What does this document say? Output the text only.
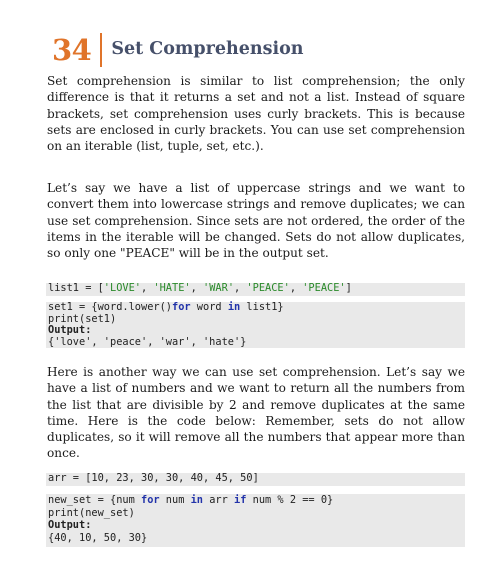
34 Set Comprehension

Set comprehension is similar to list comprehension; the only difference is that it returns a set and not a list. Instead of square brackets, set comprehension uses curly brackets. This is because sets are enclosed in curly brackets. You can use set comprehension on an iterable (list, tuple, set, etc.).

Let’s say we have a list of uppercase strings and we want to convert them into lowercase strings and remove duplicates; we can use set comprehension. Since sets are not ordered, the order of the items in the iterable will be changed. Sets do not allow duplicates, so only one "PEACE" will be in the output set.

list1 = ['LOVE', 'HATE', 'WAR', 'PEACE', 'PEACE']
set1 = {word.lower()for word in list1}
print(set1)
Output:
{'love', 'peace', 'war', 'hate'}

Here is another way we can use set comprehension. Let’s say we have a list of numbers and we want to return all the numbers from the list that are divisible by 2 and remove duplicates at the same time. Here is the code below: Remember, sets do not allow duplicates, so it will remove all the numbers that appear more than once.

arr = [10, 23, 30, 30, 40, 45, 50]
new_set = {num for num in arr if num % 2 == 0}
print(new_set)
Output:
{40, 10, 50, 30}
